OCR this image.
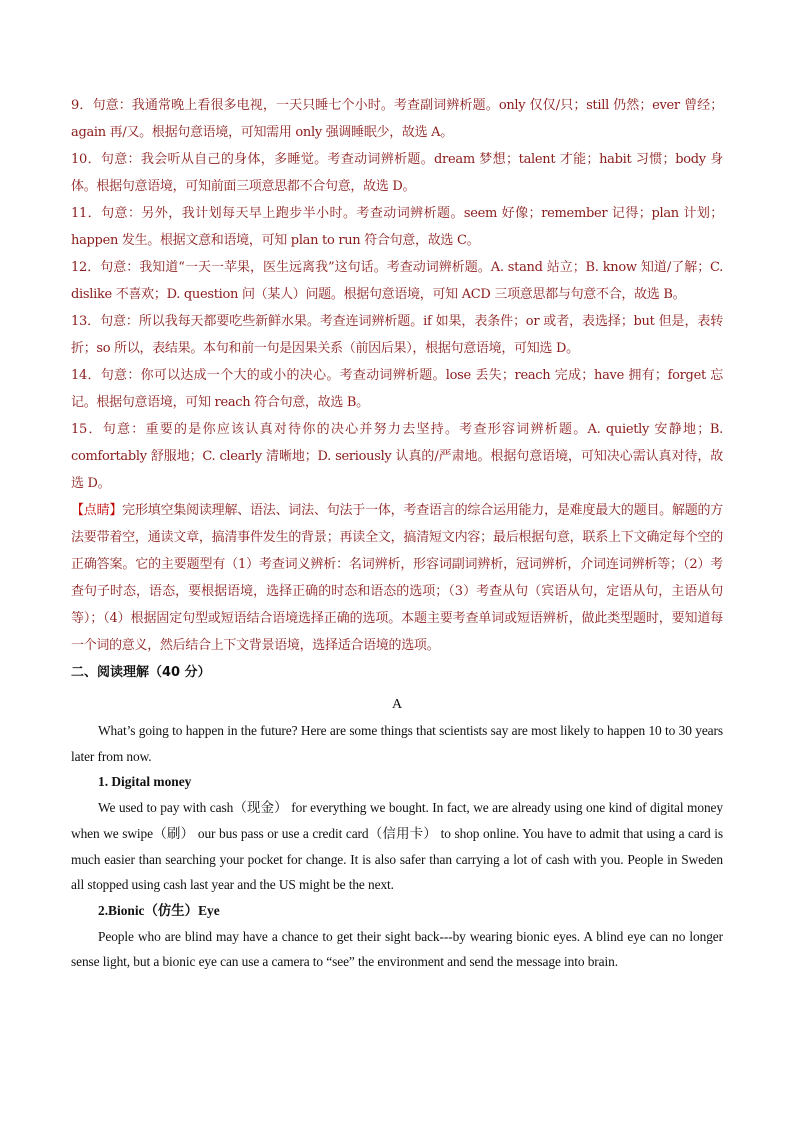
9．句意：我通常晚上看很多电视，一天只睡七个小时。考查副词辨析题。only 仅仅/只；still 仍然；ever 曾经；again 再/又。根据句意语境，可知需用 only 强调睡眠少，故选 A。

10．句意：我会听从自己的身体，多睡觉。考查动词辨析题。dream 梦想；talent 才能；habit 习惯；body 身体。根据句意语境，可知前面三项意思都不合句意，故选 D。

11．句意：另外，我计划每天早上跑步半小时。考查动词辨析题。seem 好像；remember 记得；plan 计划；happen 发生。根据文意和语境，可知 plan to run 符合句意，故选 C。

12．句意：我知道“一天一苹果，医生远离我”这句话。考查动词辨析题。A. stand 站立；B. know 知道/了解；C. dislike 不喜欢；D. question 问（某人）问题。根据句意语境，可知 ACD 三项意思都与句意不合，故选 B。

13．句意：所以我每天都要吃些新鲜水果。考查连词辨析题。if 如果，表条件；or 或者，表选择；but 但是，表转折；so 所以，表结果。本句和前一句是因果关系（前因后果），根据句意语境，可知选 D。

14．句意：你可以达成一个大的或小的决心。考查动词辨析题。lose 丢失；reach 完成；have 拥有；forget 忘记。根据句意语境，可知 reach 符合句意，故选 B。

15．句意：重要的是你应该认真对待你的决心并努力去坚持。考查形容词辨析题。A. quietly 安静地；B. comfortably 舒服地；C. clearly 清晰地；D. seriously 认真的/严肃地。根据句意语境，可知决心需认真对待，故选 D。

【点睛】完形填空集阅读理解、语法、词法、句法于一体，考查语言的综合运用能力，是难度最大的题目。解题的方法要带着空，通读文章，搞清事件发生的背景；再读全文，搞清短文内容；最后根据句意，联系上下文确定每个空的正确答案。它的主要题型有（1）考查词义辨析：名词辨析，形容词副词辨析，冠词辨析，介词连词辨析等；（2）考查句子时态，语态，要根据语境，选择正确的时态和语态的选项；（3）考查从句（宾语从句，定语从句，主语从句等）；（4）根据固定句型或短语结合语境选择正确的选项。本题主要考查单词或短语辨析，做此类型题时，要知道每一个词的意义，然后结合上下文背景语境，选择适合语境的选项。

二、阅读理解（40 分）

A

What’s going to happen in the future? Here are some things that scientists say are most likely to happen 10 to 30 years later from now.

1. Digital money

We used to pay with cash（现金） for everything we bought. In fact, we are already using one kind of digital money when we swipe（刷） our bus pass or use a credit card（信用卡） to shop online. You have to admit that using a card is much easier than searching your pocket for change. It is also safer than carrying a lot of cash with you. People in Sweden all stopped using cash last year and the US might be the next.

2.Bionic（仿生）Eye

People who are blind may have a chance to get their sight back---by wearing bionic eyes. A blind eye can no longer sense light, but a bionic eye can use a camera to “see” the environment and send the message into brain.
